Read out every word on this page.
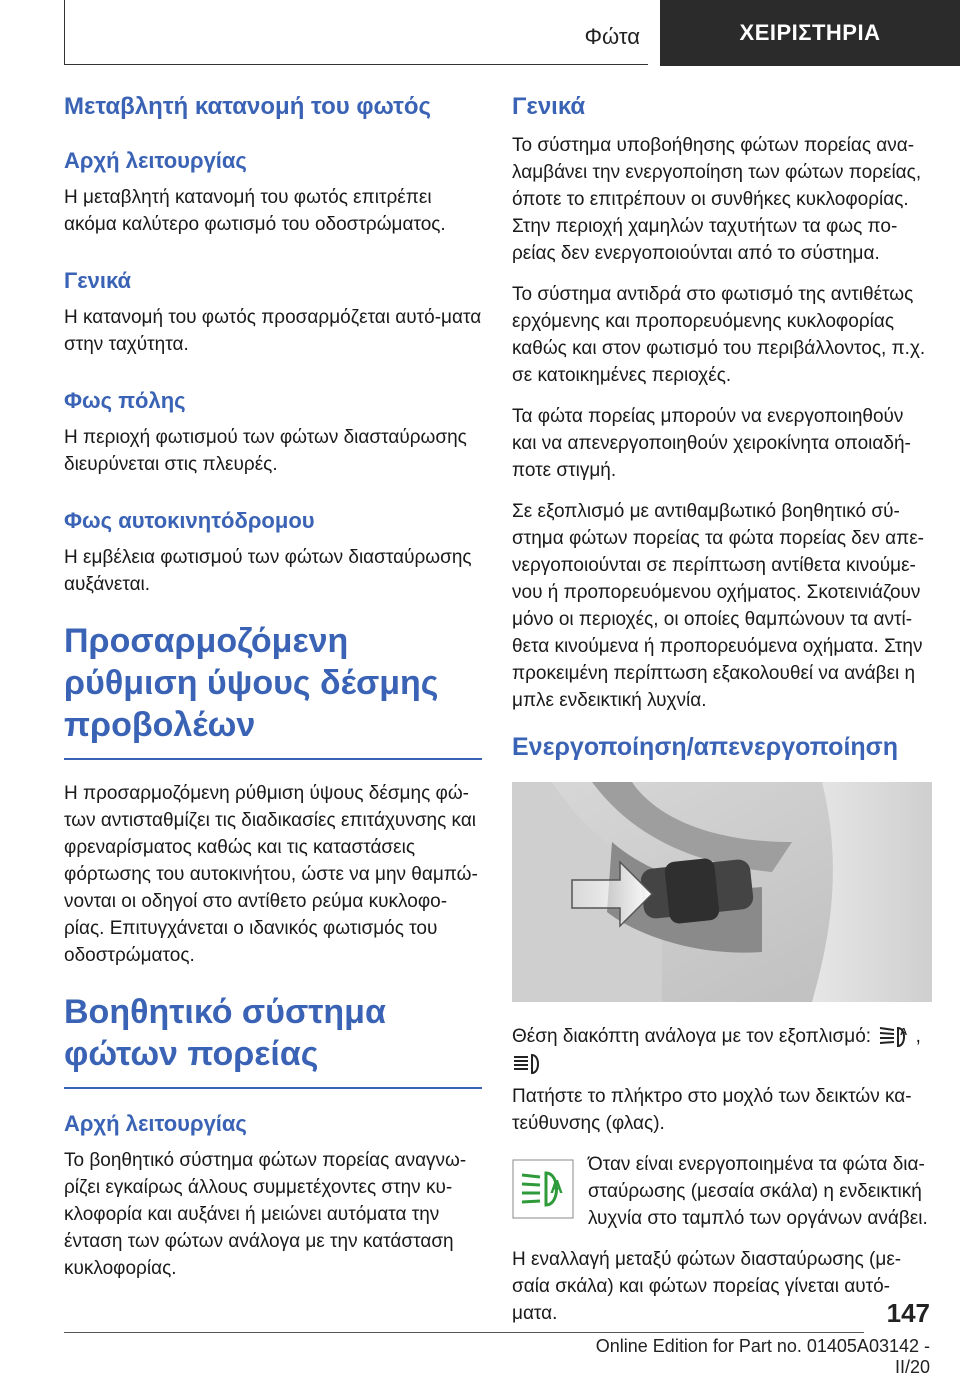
Φώτα	ΧΕΙΡΙΣΤΗΡΙΑ
Μεταβλητή κατανομή του φωτός
Αρχή λειτουργίας

Η μεταβλητή κατανομή του φωτός επιτρέπει ακόμα καλύτερο φωτισμό του οδοστρώματος.

Γενικά

Η κατανομή του φωτός προσαρμόζεται αυτό-ματα στην ταχύτητα.

Φως πόλης

Η περιοχή φωτισμού των φώτων διασταύρωσης διευρύνεται στις πλευρές.

Φως αυτοκινητόδρομου

Η εμβέλεια φωτισμού των φώτων διασταύρωσης αυξάνεται.

Προσαρμοζόμενη ρύθμιση ύψους δέσμης προβολέων

Η προσαρμοζόμενη ρύθμιση ύψους δέσμης φώ-των αντισταθμίζει τις διαδικασίες επιτάχυνσης και φρεναρίσματος καθώς και τις καταστάσεις φόρτωσης του αυτοκινήτου, ώστε να μην θαμπώ-νονται οι οδηγοί στο αντίθετο ρεύμα κυκλοφο-ρίας. Επιτυγχάνεται ο ιδανικός φωτισμός του οδοστρώματος.

Βοηθητικό σύστημα φώτων πορείας
Αρχή λειτουργίας

Το βοηθητικό σύστημα φώτων πορείας αναγνω-ρίζει εγκαίρως άλλους συμμετέχοντες στην κυ-κλοφορία και αυξάνει ή μειώνει αυτόματα την ένταση των φώτων ανάλογα με την κατάσταση κυκλοφορίας.

Γενικά

Το σύστημα υποβοήθησης φώτων πορείας ανα-λαμβάνει την ενεργοποίηση των φώτων πορείας, όποτε το επιτρέπουν οι συνθήκες κυκλοφορίας. Στην περιοχή χαμηλών ταχυτήτων τα φως πο-ρείας δεν ενεργοποιούνται από το σύστημα.

Το σύστημα αντιδρά στο φωτισμό της αντιθέτως ερχόμενης και προπορευόμενης κυκλοφορίας καθώς και στον φωτισμό του περιβάλλοντος, π.χ. σε κατοικημένες περιοχές.

Τα φώτα πορείας μπορούν να ενεργοποιηθούν και να απενεργοποιηθούν χειροκίνητα οποιαδή-ποτε στιγμή.

Σε εξοπλισμό με αντιθαμβωτικό βοηθητικό σύ-στημα φώτων πορείας τα φώτα πορείας δεν απε-νεργοποιούνται σε περίπτωση αντίθετα κινούμε-νου ή προπορευόμενου οχήματος. Σκοτεινιάζουν μόνο οι περιοχές, οι οποίες θαμπώνουν τα αντί-θετα κινούμενα ή προπορευόμενα οχήματα. Στην προκειμένη περίπτωση εξακολουθεί να ανάβει η μπλε ενδεικτική λυχνία.

Ενεργοποίηση/απενεργοποίηση

Θέση διακόπτη ανάλογα με τον εξοπλισμό:	A ,

Πατήστε το πλήκτρο στο μοχλό των δεικτών κα-τεύθυνσης (φλας).

A

Όταν είναι ενεργοποιημένα τα φώτα δια-σταύρωσης (μεσαία σκάλα) η ενδεικτική λυχνία στο ταμπλό των οργάνων ανάβει.

Η εναλλαγή μεταξύ φώτων διασταύρωσης (με-σαία σκάλα) και φώτων πορείας γίνεται αυτό-ματα.	147
Online Edition for Part no. 01405A03142 - II/20
